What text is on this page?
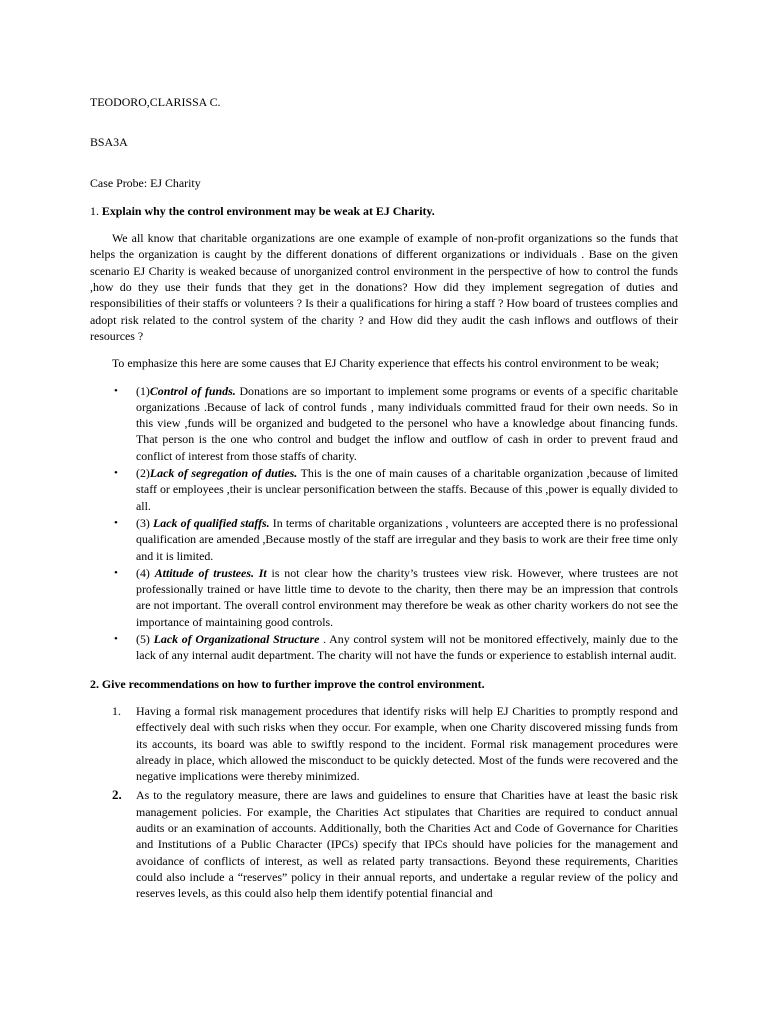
TEODORO,CLARISSA C.
BSA3A
Case Probe: EJ Charity
1. Explain why the control environment may be weak at EJ Charity.

We all know that charitable organizations are one example of example of non-profit organizations so the funds that helps the organization is caught by the different donations of different organizations or individuals . Base on the given scenario EJ Charity is weaked because of unorganized control environment in the perspective of how to control the funds ,how do they use their funds that they get in the donations? How did they implement segregation of duties and responsibilities of their staffs or volunteers ? Is their a qualifications for hiring a staff ? How board of trustees complies and adopt risk related to the control system of the charity ? and How did they audit the cash inflows and outflows of their resources ?

To emphasize this here are some causes that EJ Charity experience that effects his control environment to be weak;

• (1)Control of funds. Donations are so important to implement some programs or events of a specific charitable organizations .Because of lack of control funds , many individuals committed fraud for their own needs. So in this view ,funds will be organized and budgeted to the personel who have a knowledge about financing funds. That person is the one who control and budget the inflow and outflow of cash in order to prevent fraud and conflict of interest from those staffs of charity.
• (2)Lack of segregation of duties. This is the one of main causes of a charitable organization ,because of limited staff or employees ,their is unclear personification between the staffs. Because of this ,power is equally divided to all.
• (3) Lack of qualified staffs. In terms of charitable organizations , volunteers are accepted there is no professional qualification are amended ,Because mostly of the staff are irregular and they basis to work are their free time only and it is limited.
• (4) Attitude of trustees. It is not clear how the charity’s trustees view risk. However, where trustees are not professionally trained or have little time to devote to the charity, then there may be an impression that controls are not important. The overall control environment may therefore be weak as other charity workers do not see the importance of maintaining good controls.
• (5) Lack of Organizational Structure . Any control system will not be monitored effectively, mainly due to the lack of any internal audit department. The charity will not have the funds or experience to establish internal audit.
2. Give recommendations on how to further improve the control environment.
1. Having a formal risk management procedures that identify risks will help EJ Charities to promptly respond and effectively deal with such risks when they occur. For example, when one Charity discovered missing funds from its accounts, its board was able to swiftly respond to the incident. Formal risk management procedures were already in place, which allowed the misconduct to be quickly detected. Most of the funds were recovered and the negative implications were thereby minimized.
2. As to the regulatory measure, there are laws and guidelines to ensure that Charities have at least the basic risk management policies. For example, the Charities Act stipulates that Charities are required to conduct annual audits or an examination of accounts. Additionally, both the Charities Act and Code of Governance for Charities and Institutions of a Public Character (IPCs) specify that IPCs should have policies for the management and avoidance of conflicts of interest, as well as related party transactions. Beyond these requirements, Charities could also include a “reserves” policy in their annual reports, and undertake a regular review of the policy and reserves levels, as this could also help them identify potential financial and
